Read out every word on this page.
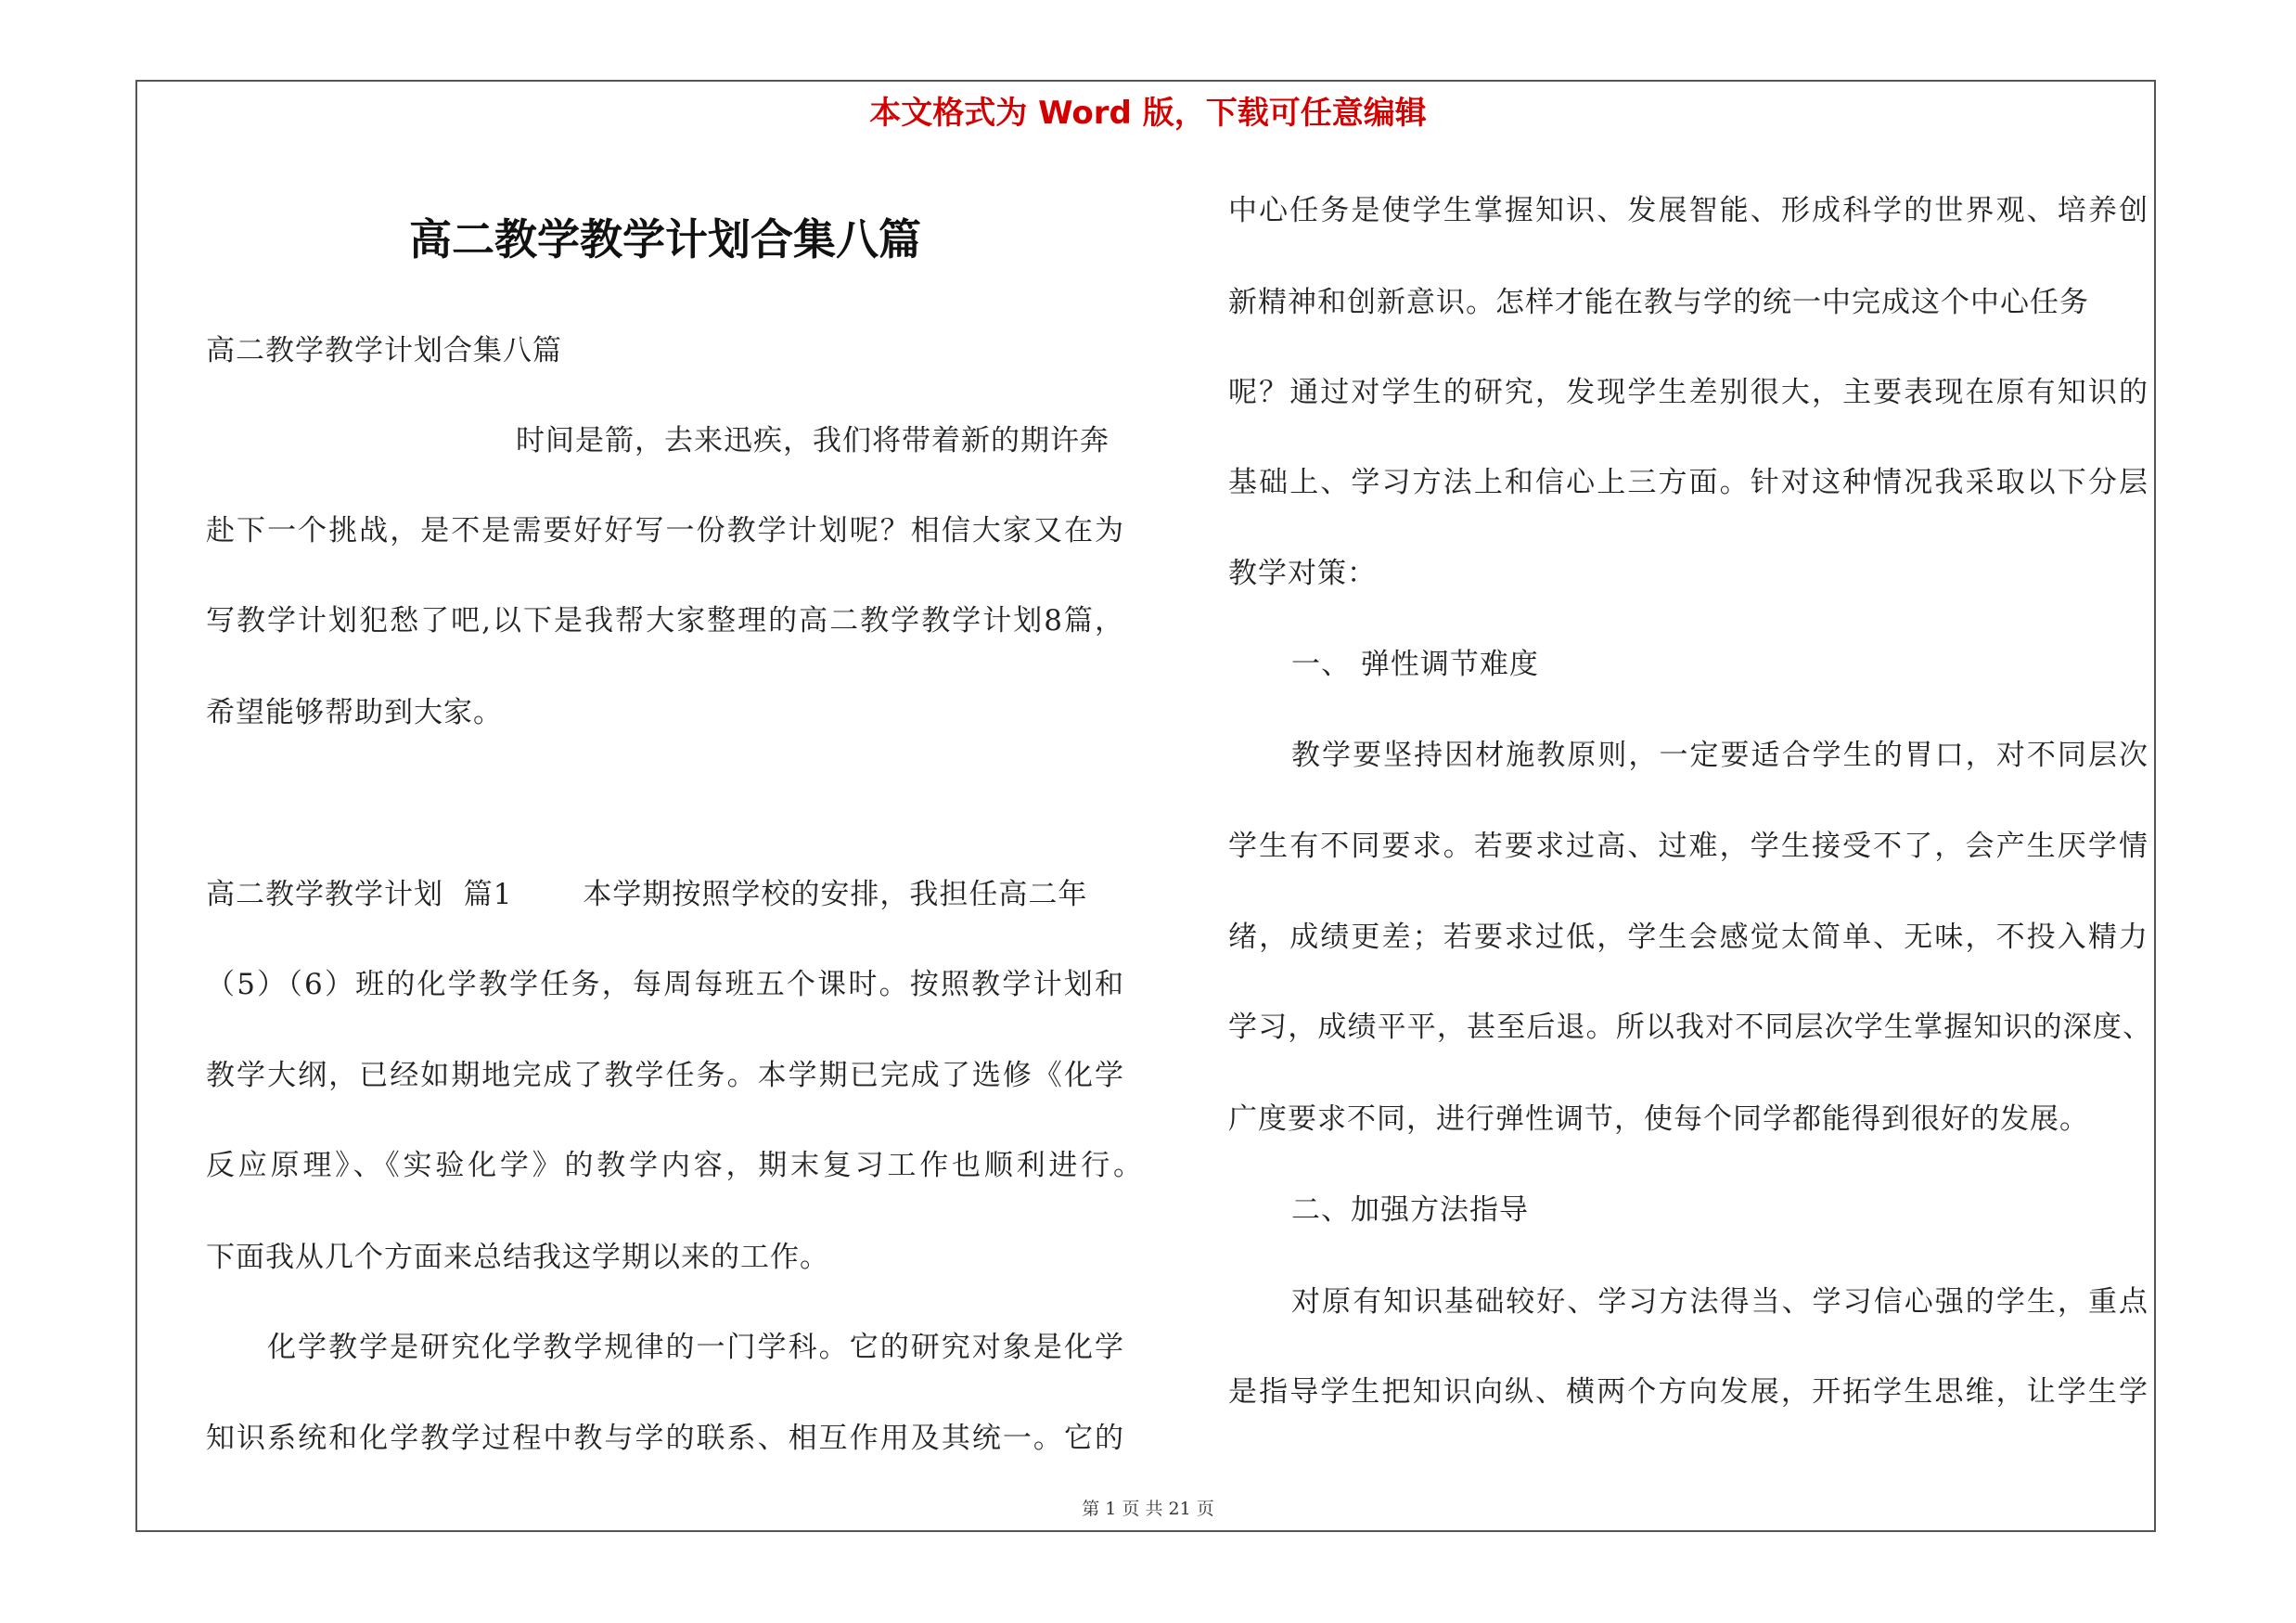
本文格式为 Word 版，下载可任意编辑
高二教学教学计划合集八篇
高二教学教学计划合集八篇
时间是箭，去来迅疾，我们将带着新的期许奔
赴下一个挑战，是不是需要好好写一份教学计划呢？相信大家又在为
写教学计划犯愁了吧,以下是我帮大家整理的高二教学教学计划8篇，
希望能够帮助到大家。
高二教学教学计划  篇1       本学期按照学校的安排，我担任高二年
（5）（6）班的化学教学任务，每周每班五个课时。按照教学计划和
教学大纲，已经如期地完成了教学任务。本学期已完成了选修《化学
反应原理》、《实验化学》的教学内容，期末复习工作也顺利进行。
下面我从几个方面来总结我这学期以来的工作。
化学教学是研究化学教学规律的一门学科。它的研究对象是化学
知识系统和化学教学过程中教与学的联系、相互作用及其统一。它的
中心任务是使学生掌握知识、发展智能、形成科学的世界观、培养创
新精神和创新意识。怎样才能在教与学的统一中完成这个中心任务
呢？通过对学生的研究，发现学生差别很大，主要表现在原有知识的
基础上、学习方法上和信心上三方面。针对这种情况我采取以下分层
教学对策：
一、 弹性调节难度
教学要坚持因材施教原则，一定要适合学生的胃口，对不同层次
学生有不同要求。若要求过高、过难，学生接受不了，会产生厌学情
绪，成绩更差；若要求过低，学生会感觉太简单、无味，不投入精力
学习，成绩平平，甚至后退。所以我对不同层次学生掌握知识的深度、
广度要求不同，进行弹性调节，使每个同学都能得到很好的发展。
二、加强方法指导
对原有知识基础较好、学习方法得当、学习信心强的学生，重点
是指导学生把知识向纵、横两个方向发展，开拓学生思维，让学生学
第 1 页 共 21 页
